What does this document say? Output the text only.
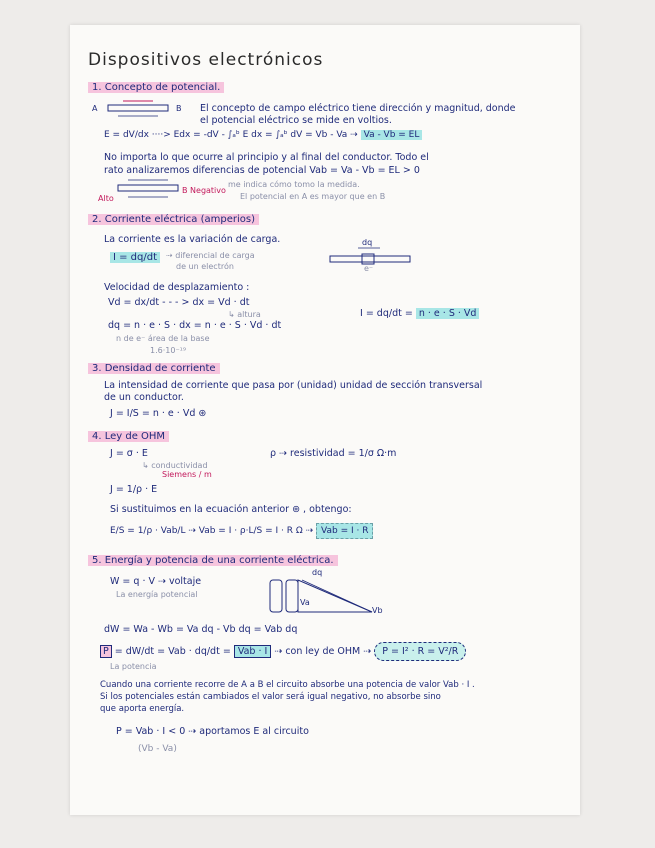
Dispositivos electrónicos
1. Concepto de potencial.
A	B El concepto de campo eléctrico tiene dirección y magnitud, donde
el potencial eléctrico se mide en voltios.
E = dV/dx ····> Edx = -dV - ∫ₐᵇ E dx = ∫ₐᵇ dV = Vb - Va ⇢ Va - Vb = EL
No importa lo que ocurre al principio y al final del conductor. Todo el
rato analizaremos diferencias de potencial Vab = Va - Vb = EL > 0
Alto
B Negativo
me indica cómo tomo la medida.
El potencial en A es mayor que en B
2. Corriente eléctrica (amperios)
La corriente es la variación de carga.
I = dq/dt	⇢ diferencial de carga
de un electrón
dq
e⁻
Velocidad de desplazamiento :
Vd = dx/dt - - - > dx = Vd · dt
↳ altura
dq = n · e · S · dx = n · e · S · Vd · dt
n de e⁻ área de la base
1.6·10⁻¹⁹
I = dq/dt = n · e · S · Vd
3. Densidad de corriente
La intensidad de corriente que pasa por (unidad) unidad de sección transversal
de un conductor.
J = I/S = n · e · Vd ⊛
4. Ley de OHM
J = σ · E
↳ conductividad
Siemens / m
ρ ⇢ resistividad = 1/σ Ω·m
J = 1/ρ · E
Si sustituimos en la ecuación anterior ⊛ , obtengo:
E/S = 1/ρ · Vab/L ⇢ Vab = I · ρ·L/S = I · R Ω ⇢ Vab = I · R
5. Energía y potencia de una corriente eléctrica.
W = q · V ⇢ voltaje
La energía potencial
dq
Va
Vb
dW = Wa - Wb = Va dq - Vb dq = Vab dq
P = dW/dt = Vab · dq/dt = Vab · I ⇢ con ley de OHM ⇢ P = I² · R = V²/R
La potencia
Cuando una corriente recorre de A a B el circuito absorbe una potencia de valor Vab · I .
Si los potenciales están cambiados el valor será igual negativo, no absorbe sino
que aporta energía.
P = Vab · I < 0 ⇢ aportamos E al circuito
(Vb - Va)
